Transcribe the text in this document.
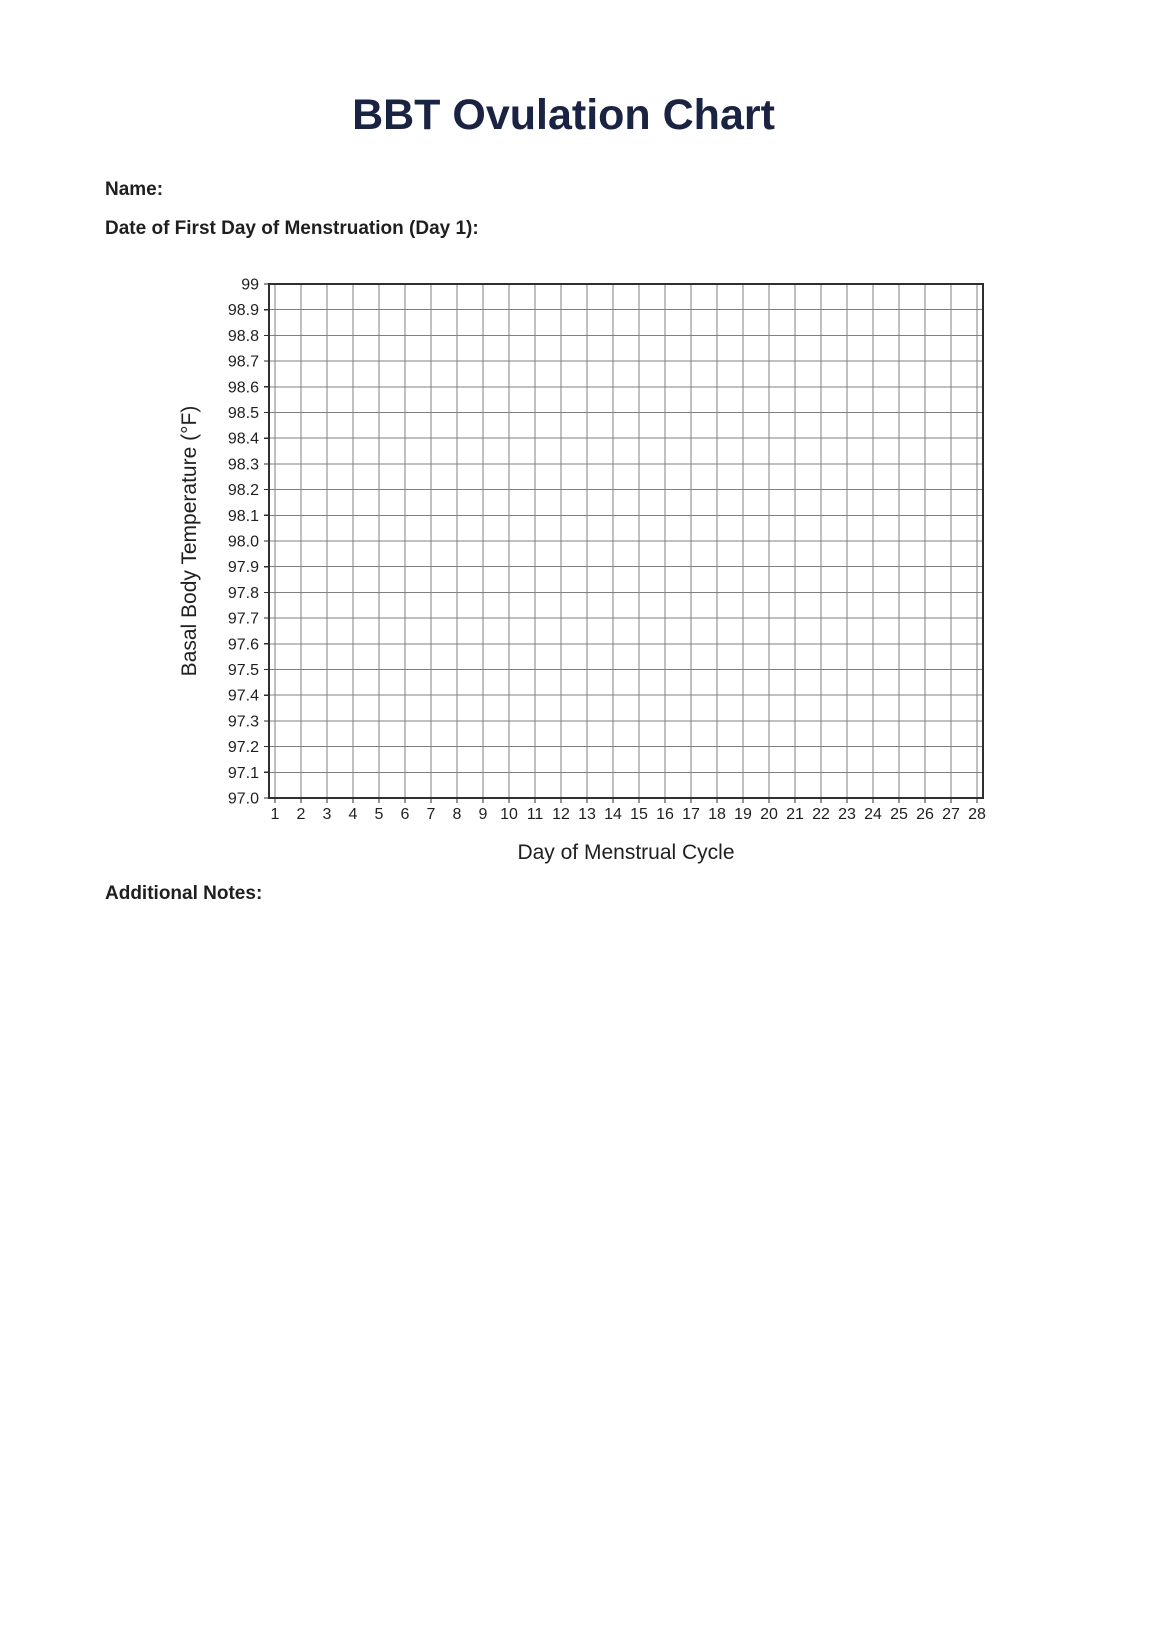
BBT Ovulation Chart
Name:
Date of First Day of Menstruation (Day 1):
Basal Body Temperature (°F)
99
98.9
98.8
98.7
98.6
98.5
98.4
98.3
98.2
98.1
98.0
97.9
97.8
97.7
97.6
97.5
97.4
97.3
97.2
97.1
97.0
1 2 3 4 5 6 7 8 9 10 11 12 13 14 15 16 17 18 19 20 21 22 23 24 25 26 27 28
Day of Menstrual Cycle
Additional Notes:
